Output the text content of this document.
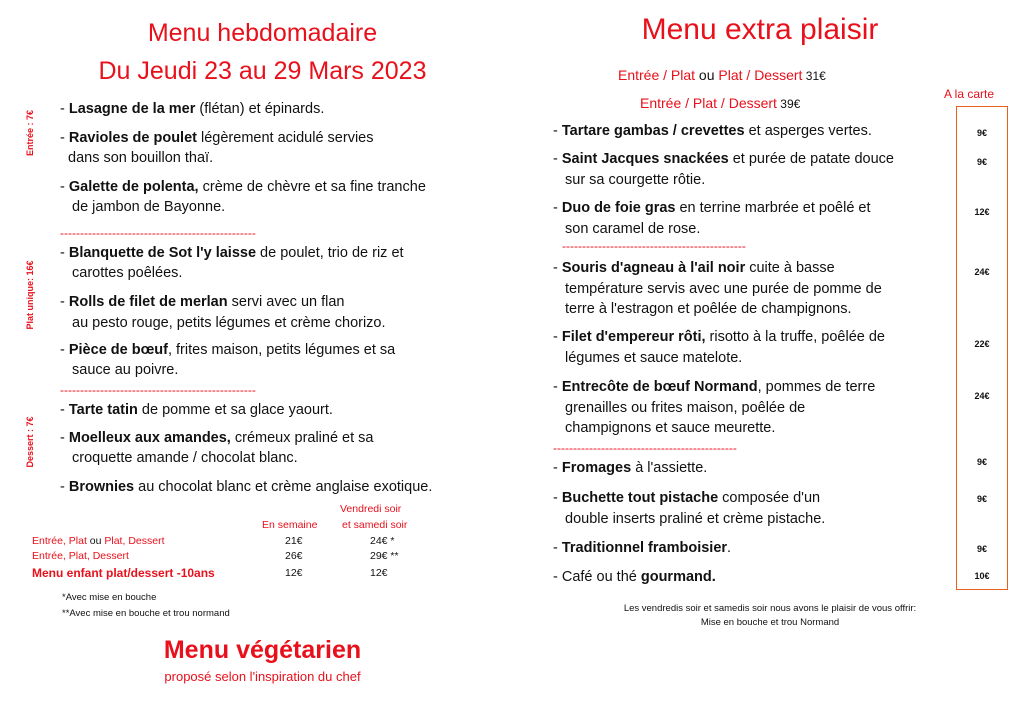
Menu hebdomadaire
Du Jeudi 23 au 29 Mars 2023
Entrée : 7€
Plat unique: 16€
Dessert : 7€
- Lasagne de la mer (flétan) et épinards.
- Ravioles de poulet légèrement acidulé servies
dans son bouillon thaï.
- Galette de polenta, crème de chèvre et sa fine tranche
de jambon de Bayonne.
-------------------------------------------------
- Blanquette de Sot l'y laisse de poulet, trio de riz et
carottes poêlées.
- Rolls de filet de merlan servi avec un flan
au pesto rouge, petits légumes et crème chorizo.
- Pièce de bœuf, frites maison, petits légumes et sa
sauce au poivre.
-------------------------------------------------
- Tarte tatin de pomme et sa glace yaourt.
- Moelleux aux amandes, crémeux praliné et sa
croquette amande / chocolat blanc.
- Brownies au chocolat blanc et crème anglaise exotique.
Vendredi soir
En semaine et samedi soir
Entrée, Plat ou Plat, Dessert	21€	24€ *
Entrée, Plat, Dessert	26€	29€ **
Menu enfant plat/dessert -10ans	12€	12€
*Avec mise en bouche
**Avec mise en bouche et trou normand
Menu végétarien
proposé selon l'inspiration du chef
Menu extra plaisir
Entrée / Plat ou Plat / Dessert 31€
Entrée / Plat / Dessert 39€
A la carte
- Tartare gambas / crevettes et asperges vertes.	9€
- Saint Jacques snackées et purée de patate douce
sur sa courgette rôtie.
9€
- Duo de foie gras en terrine marbrée et poêlé et
son caramel de rose.
12€
----------------------------------------------
- Souris d'agneau à l'ail noir cuite à basse
température servis avec une purée de pomme de
terre à l'estragon et poêlée de champignons.
24€
- Filet d'empereur rôti, risotto à la truffe, poêlée de
légumes et sauce matelote.
22€
- Entrecôte de bœuf Normand, pommes de terre
grenailles ou frites maison, poêlée de
champignons et sauce meurette.
24€
----------------------------------------------
- Fromages à l'assiette.	9€
- Buchette tout pistache composée d'un
double inserts praliné et crème pistache.
9€
- Traditionnel framboisier.	9€
- Café ou thé gourmand.	10€
Les vendredis soir et samedis soir nous avons le plaisir de vous offrir:
Mise en bouche et trou Normand
